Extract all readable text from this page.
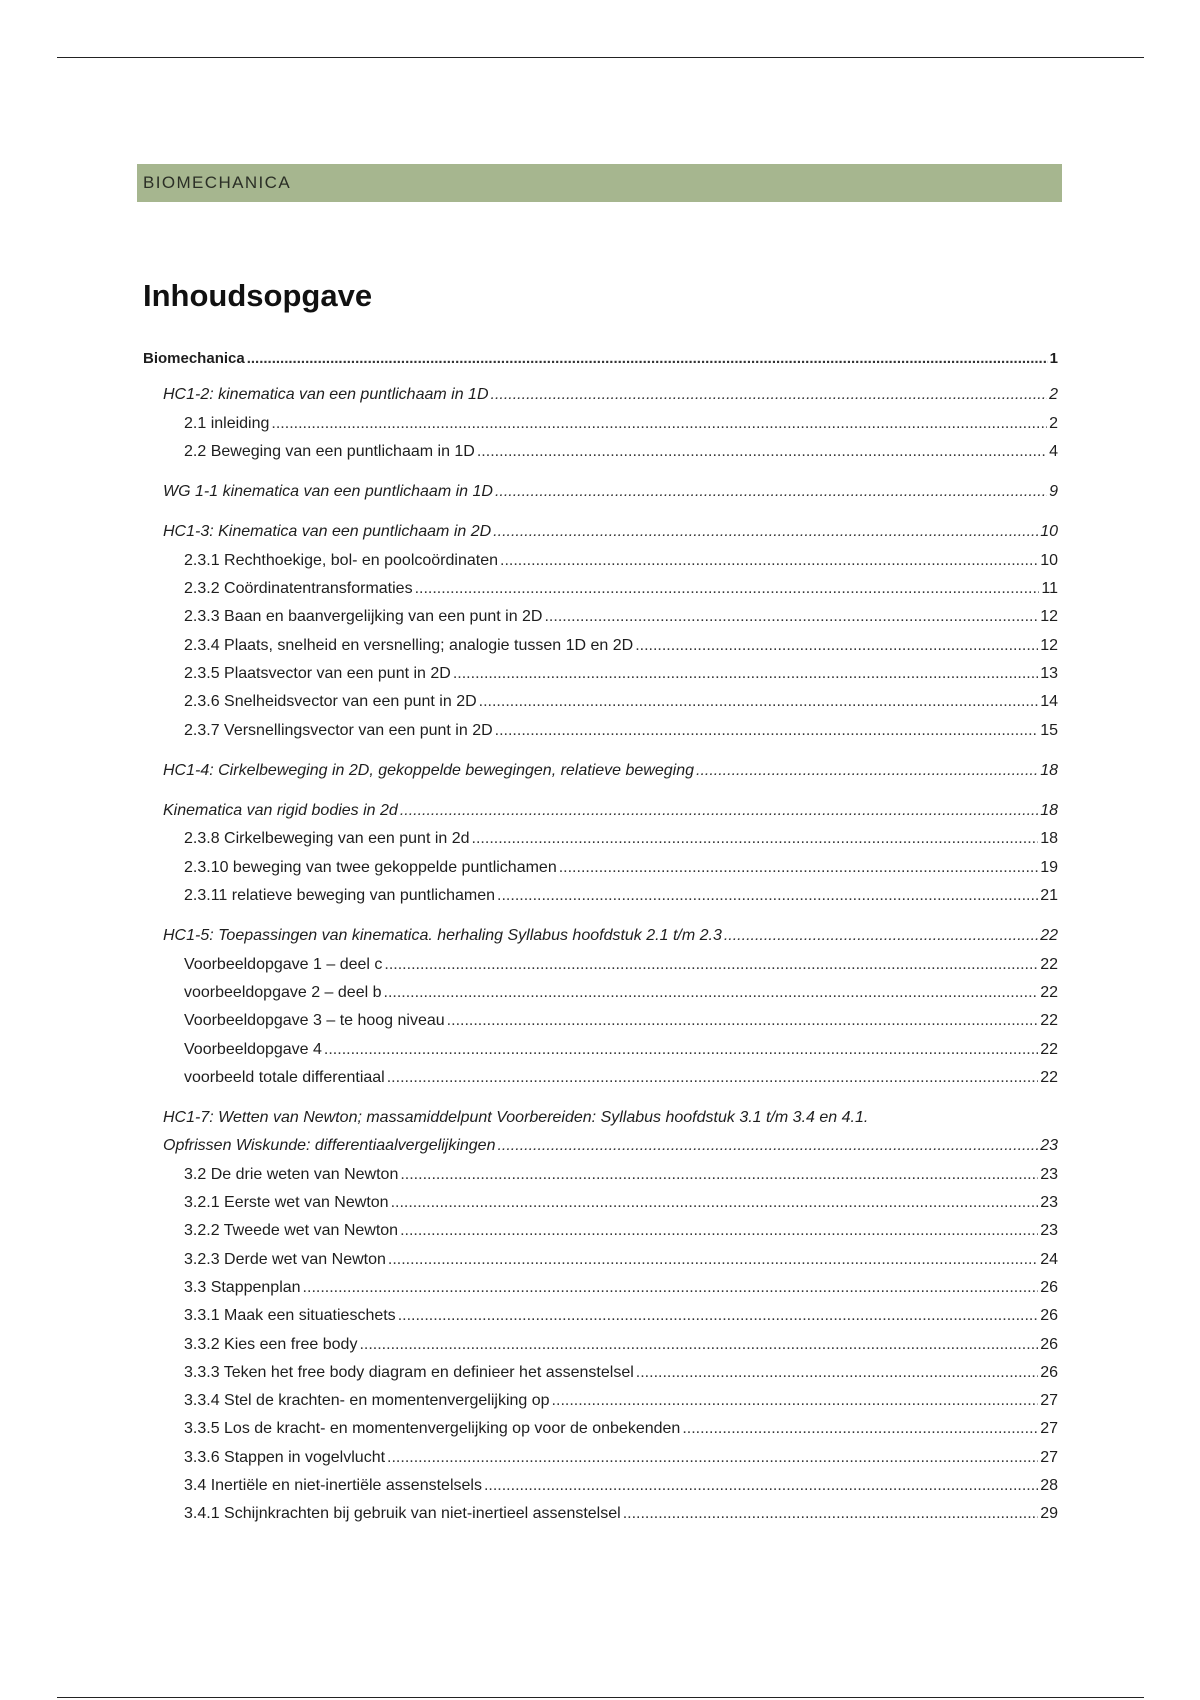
BIOMECHANICA
Inhoudsopgave
Biomechanica .....	1
HC1-2: kinematica van een puntlichaam in 1D .....	2
2.1 inleiding .....	2
2.2 Beweging van een puntlichaam in 1D .....	4
WG 1-1 kinematica van een puntlichaam in 1D .....	9
HC1-3: Kinematica van een puntlichaam in 2D .....	10
2.3.1 Rechthoekige, bol- en poolcoördinaten .....	10
2.3.2 Coördinatentransformaties .....	11
2.3.3 Baan en baanvergelijking van een punt in 2D .....	12
2.3.4 Plaats, snelheid en versnelling; analogie tussen 1D en 2D .....	12
2.3.5 Plaatsvector van een punt in 2D .....	13
2.3.6 Snelheidsvector van een punt in 2D .....	14
2.3.7 Versnellingsvector van een punt in 2D .....	15
HC1-4: Cirkelbeweging in 2D, gekoppelde bewegingen, relatieve beweging .....	18
Kinematica van rigid bodies in 2d .....	18
2.3.8 Cirkelbeweging van een punt in 2d .....	18
2.3.10 beweging van twee gekoppelde puntlichamen .....	19
2.3.11 relatieve beweging van puntlichamen .....	21
HC1-5: Toepassingen van kinematica. herhaling Syllabus hoofdstuk 2.1 t/m 2.3 .....	22
Voorbeeldopgave 1 – deel c .....	22
voorbeeldopgave 2 – deel b .....	22
Voorbeeldopgave 3 – te hoog niveau .....	22
Voorbeeldopgave 4 .....	22
voorbeeld totale differentiaal .....	22
HC1-7: Wetten van Newton; massamiddelpunt Voorbereiden: Syllabus hoofdstuk 3.1 t/m 3.4 en 4.1.
Opfrissen Wiskunde: differentiaalvergelijkingen .....	23
3.2 De drie weten van Newton .....	23
3.2.1 Eerste wet van Newton .....	23
3.2.2 Tweede wet van Newton .....	23
3.2.3 Derde wet van Newton .....	24
3.3 Stappenplan .....	26
3.3.1 Maak een situatieschets .....	26
3.3.2 Kies een free body .....	26
3.3.3 Teken het free body diagram en definieer het assenstelsel .....	26
3.3.4 Stel de krachten- en momentenvergelijking op .....	27
3.3.5 Los de kracht- en momentenvergelijking op voor de onbekenden .....	27
3.3.6 Stappen in vogelvlucht .....	27
3.4 Inertiële en niet-inertiële assenstelsels .....	28
3.4.1 Schijnkrachten bij gebruik van niet-inertieel assenstelsel .....	29
